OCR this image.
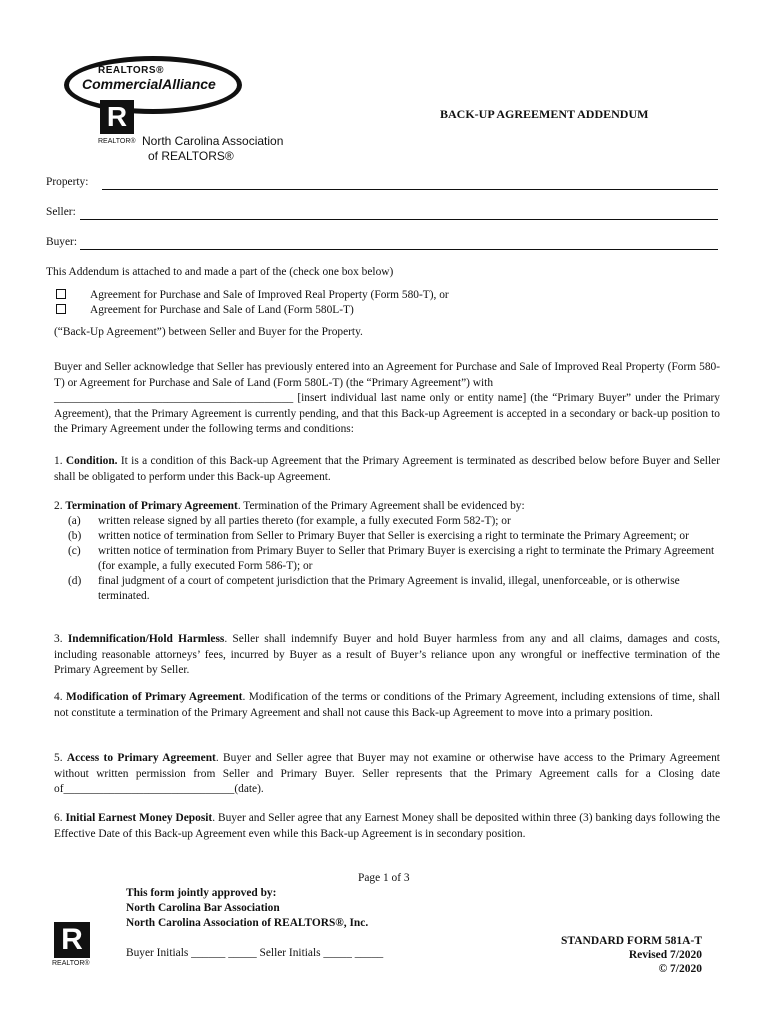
REALTORS®
CommercialAlliance
R
REALTOR® North Carolina Association
of REALTORS®
BACK-UP AGREEMENT ADDENDUM
Property:
Seller:
Buyer:
This Addendum is attached to and made a part of the (check one box below)
Agreement for Purchase and Sale of Improved Real Property (Form 580-T), or
Agreement for Purchase and Sale of Land (Form 580L-T)
(“Back-Up Agreement”) between Seller and Buyer for the Property.
Buyer and Seller acknowledge that Seller has previously entered into an Agreement for Purchase and Sale of Improved Real Property (Form 580-T) or Agreement for Purchase and Sale of Land (Form 580L-T) (the “Primary Agreement”) with
__________________________________________ [insert individual last name only or entity name] (the “Primary Buyer” under the Primary Agreement), that the Primary Agreement is currently pending, and that this Back-up Agreement is accepted in a secondary or back-up position to the Primary Agreement under the following terms and conditions:
1. Condition. It is a condition of this Back-up Agreement that the Primary Agreement is terminated as described below before Buyer and Seller shall be obligated to perform under this Back-up Agreement.
2. Termination of Primary Agreement. Termination of the Primary Agreement shall be evidenced by:
(a) written release signed by all parties thereto (for example, a fully executed Form 582-T); or
(b) written notice of termination from Seller to Primary Buyer that Seller is exercising a right to terminate the Primary Agreement; or
(c) written notice of termination from Primary Buyer to Seller that Primary Buyer is exercising a right to terminate the Primary Agreement (for example, a fully executed Form 586-T); or
(d) final judgment of a court of competent jurisdiction that the Primary Agreement is invalid, illegal, unenforceable, or is otherwise terminated.
3. Indemnification/Hold Harmless. Seller shall indemnify Buyer and hold Buyer harmless from any and all claims, damages and costs, including reasonable attorneys’ fees, incurred by Buyer as a result of Buyer’s reliance upon any wrongful or ineffective termination of the Primary Agreement by Seller.
4. Modification of Primary Agreement. Modification of the terms or conditions of the Primary Agreement, including extensions of time, shall not constitute a termination of the Primary Agreement and shall not cause this Back-up Agreement to move into a primary position.
5. Access to Primary Agreement. Buyer and Seller agree that Buyer may not examine or otherwise have access to the Primary Agreement without written permission from Seller and Primary Buyer. Seller represents that the Primary Agreement calls for a Closing date of______________________________(date).
6. Initial Earnest Money Deposit. Buyer and Seller agree that any Earnest Money shall be deposited within three (3) banking days following the Effective Date of this Back-up Agreement even while this Back-up Agreement is in secondary position.
Page 1 of 3
This form jointly approved by:
North Carolina Bar Association
North Carolina Association of REALTORS®, Inc.
Buyer Initials ______ _____ Seller Initials _____ _____
R
REALTOR®
STANDARD FORM 581A-T
Revised 7/2020
© 7/2020
